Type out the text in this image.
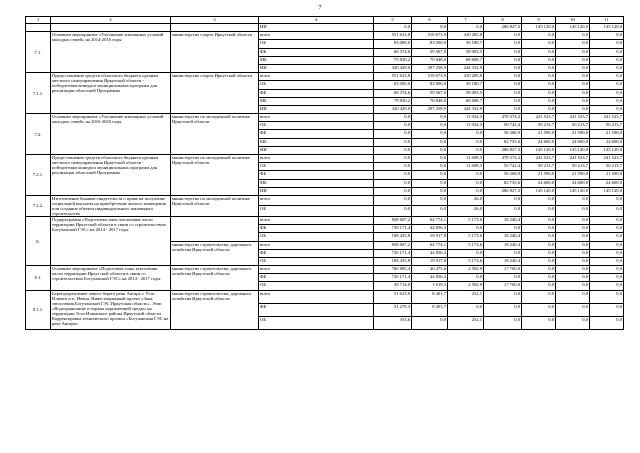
7
1	2	3	4	5	6	7	8	9	10	11
			ИИ	0,0	0,0	0,0	286 827,3	145 120,0	145 120,0	145 120,0
7.1.	Основное мероприятие «Улучшение жилищных условий молодых семей» на 2014-2016 годы	министерство спорта Иркутской области	всего	551 633,8	510 673,9	410 285,8	0,0	0,0	0,0	0,0
			ОБ	83 000,0	83 000,0	39 180,7	0,0	0,0	0,0	0,0
			ФБ	68 374,6	59 567,0	58 083,5	0,0	0,0	0,0	0,0
			МБ	79 830,2	70 848,0	68 688,7	0,0	0,0	0,0	0,0
			ИИ	320 429,0	297 258,9	244 332,9	0,0	0,0	0,0	0,0
7.1.1.	Предоставление средств областного бюджета органам местного самоуправления Иркутской области - победителям конкурса муниципальных программ для реализации областной Программы	министерство спорта Иркутской области	всего	551 633,8	510 673,9	410 285,8	0,0	0,0	0,0	0,0
			ОБ	83 000,0	83 000,0	39 180,7	0,0	0,0	0,0	0,0
			ФБ	68 374,6	59 567,0	58 083,5	0,0	0,0	0,0	0,0
			МБ	79 830,2	70 848,0	68 688,7	0,0	0,0	0,0	0,0
			ИИ	320 429,0	297 258,9	244 332,9	0,0	0,0	0,0	0,0
7.2.	Основное мероприятие «Улучшение жилищных условий молодых семей» на 2016-2020 годы	министерство по молодежной политике Иркутской области	всего	0,0	0,0	11 034,3	478 574,2	241 523,7	241 523,7	241 523,7
			ОБ	0,0	0,0	11 034,3	50 742,4	50 213,7	50 213,7	50 213,7
			ФБ	0,0	0,0	0,0	58 268,9	21 590,0	21 590,0	21 590,0
			МБ	0,0	0,0	0,0	82 735,6	24 600,0	24 600,0	24 600,0
			ИИ	0,0	0,0	0,0	286 827,3	145 120,0	145 120,0	145 120,0
7.2.1.	Предоставление средств областного бюджета органам местного самоуправления Иркутской области - победителям конкурса муниципальных программ для реализации областной Программы	министерство по молодежной политике Иркутской области	всего	0,0	0,0	11 008,3	478 574,2	241 523,7	241 523,7	241 523,7
			ОБ	0,0	0,0	11 008,3	50 742,4	50 213,7	50 213,7	50 213,7
			ФБ	0,0	0,0	0,0	58 268,9	21 590,0	21 590,0	21 590,0
			МБ	0,0	0,0	0,0	82 735,6	24 600,0	24 600,0	24 600,0
			ИИ	0,0	0,0	0,0	286 827,3	145 120,0	145 120,0	145 120,0
7.2.2.	Изготовление бланков свидетельств о праве на получение социальной выплаты на приобретение жилого помещения или создание объекта индивидуального жилищного строительства	министерство по молодежной политике Иркутской области	всего	0,0	0,0	26,0	0,0	0,0	0,0	0,0
			ОБ	0,0	0,0	26,0	0,0	0,0	0,0	0,0
8.	Подпрограмма «Подготовка зоны затопления части территории Иркутской области в связи со строительством Богучанской ГЭС» на 2014 - 2017 годы		всего	838 607,2	64 774,1	5 173,6	18 240,4	0,0	0,0	0,0
			ФБ	730 171,4	44 856,3	0,0	0,0	0,0	0,0	0,0
			ОБ	108 435,8	19 917,8	5 173,6	18 240,4	0,0	0,0	0,0
		министерство строительства, дорожного хозяйства Иркутской области	всего	838 607,2	64 774,1	5 173,6	18 240,4	0,0	0,0	0,0
			ФБ	730 171,4	44 856,3	0,0	0,0	0,0	0,0	0,0
			ОБ	108 435,8	19 917,8	5 173,6	18 240,4	0,0	0,0	0,0
8.1.	Основное мероприятие «Подготовка зоны затопления части территории Иркутской области в связи со строительством Богучанской ГЭС» на 2014 - 2017 годы	министерство строительства, дорожного хозяйства Иркутской области	всего	760 885,4	46 475,6	2 502,9	17 700,0	0,0	0,0	0,0
			ФБ	730 171,4	44 856,3	0,0	0,0	0,0	0,0	0,0
			ОБ	30 714,0	1 619,3	2 502,9	17 700,0	0,0	0,0	0,0
8.1.1.	Берегоукрепление левого берега реки Ангара г. Усть-Илимск и п. Невон. Инвестиционный проект «Зона затопления Богучанской ГЭС Иркутская область». Этап «Водохранилище и охрана окружающей среды» на территории Усть-Илимского района Иркутской области Корректировка технического проекта «Богучанская ГЭС на реке Ангара»	министерство строительства, дорожного хозяйства Иркутской области	всего	51 623,9	8 401,7	252,1	0,0	0,0	0,0	0,0
			ФБ	51 270,3	8 401,7	0,0	0,0	0,0	0,0	0,0
			ОБ	353,6	0,0	252,1	0,0	0,0	0,0	0,0
